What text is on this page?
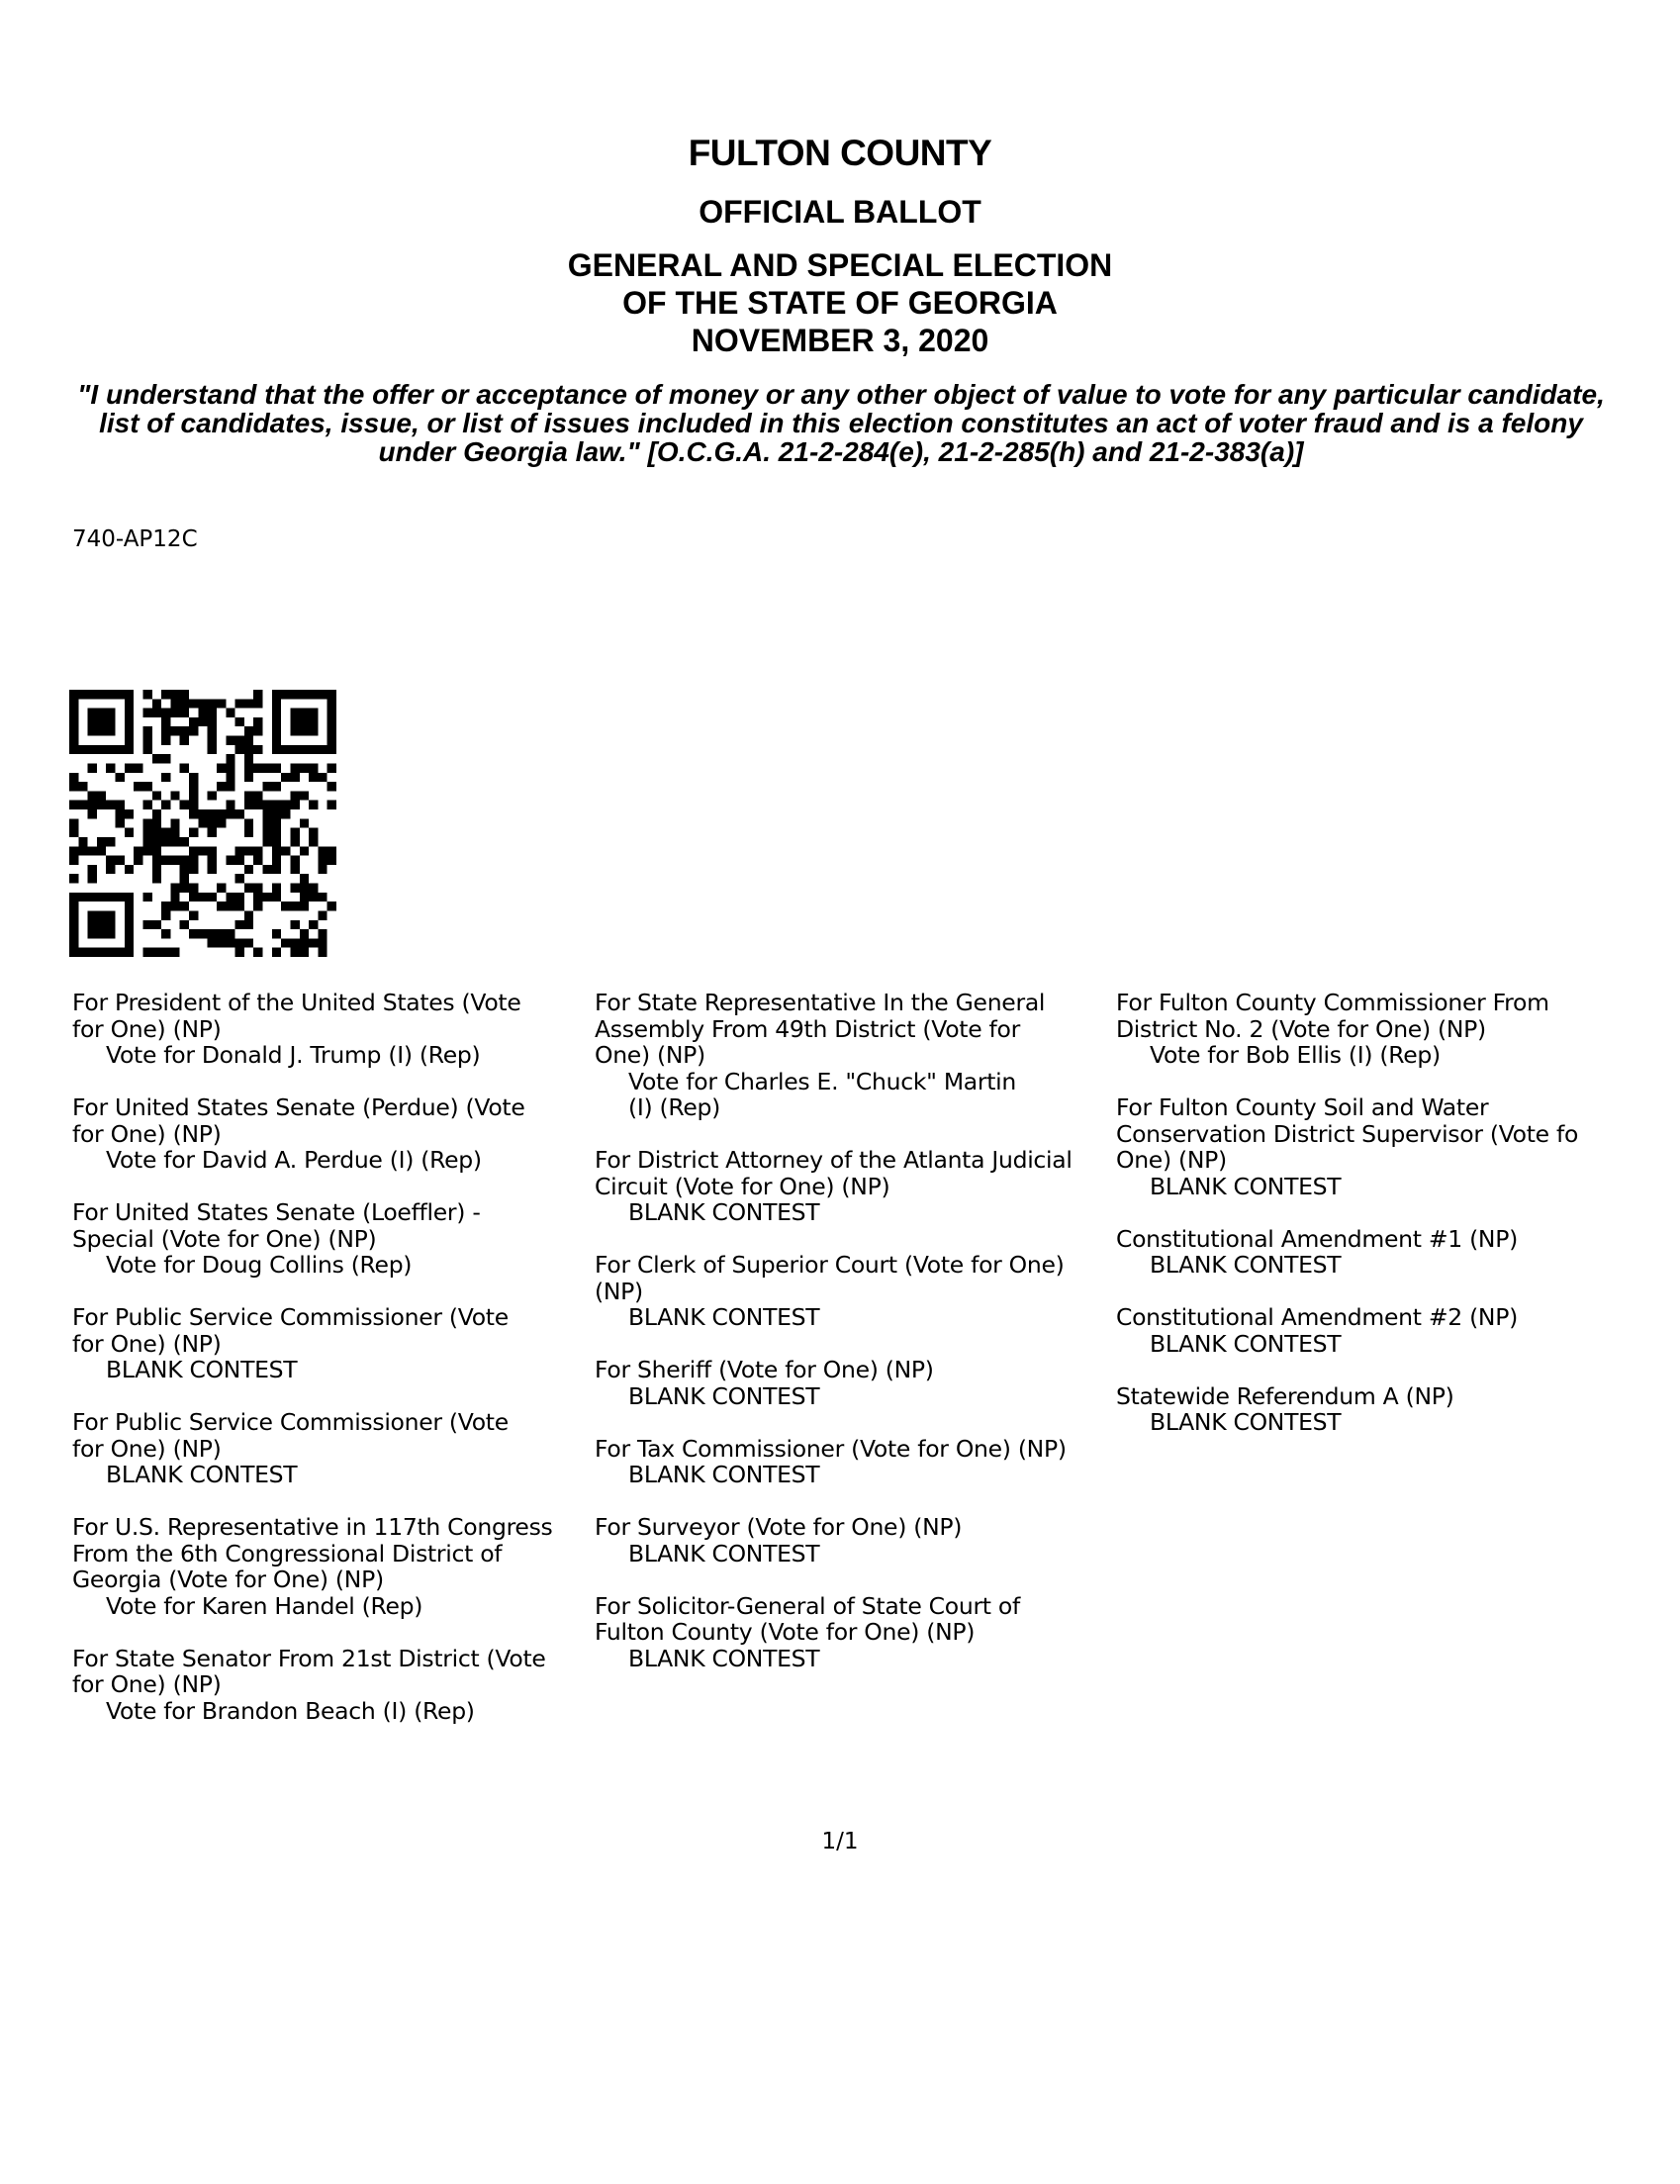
FULTON COUNTY
OFFICIAL BALLOT
GENERAL AND SPECIAL ELECTION
OF THE STATE OF GEORGIA
NOVEMBER 3, 2020
"I understand that the offer or acceptance of money or any other object of value to vote for any particular candidate, list of candidates, issue, or list of issues included in this election constitutes an act of voter fraud and is a felony under Georgia law." [O.C.G.A. 21-2-284(e), 21-2-285(h) and 21-2-383(a)]
740-AP12C
For President of the United States (Vote
for One) (NP)
Vote for Donald J. Trump (I) (Rep)
For United States Senate (Perdue) (Vote
for One) (NP)
Vote for David A. Perdue (I) (Rep)
For United States Senate (Loeffler) -
Special (Vote for One) (NP)
Vote for Doug Collins (Rep)
For Public Service Commissioner (Vote
for One) (NP)
BLANK CONTEST
For Public Service Commissioner (Vote
for One) (NP)
BLANK CONTEST
For U.S. Representative in 117th Congress
From the 6th Congressional District of
Georgia (Vote for One) (NP)
Vote for Karen Handel (Rep)
For State Senator From 21st District (Vote
for One) (NP)
Vote for Brandon Beach (I) (Rep)
For State Representative In the General
Assembly From 49th District (Vote for
One) (NP)
Vote for Charles E. "Chuck" Martin
(I) (Rep)
For District Attorney of the Atlanta Judicial
Circuit (Vote for One) (NP)
BLANK CONTEST
For Clerk of Superior Court (Vote for One)
(NP)
BLANK CONTEST
For Sheriff (Vote for One) (NP)
BLANK CONTEST
For Tax Commissioner (Vote for One) (NP)
BLANK CONTEST
For Surveyor (Vote for One) (NP)
BLANK CONTEST
For Solicitor-General of State Court of
Fulton County (Vote for One) (NP)
BLANK CONTEST
For Fulton County Commissioner From
District No. 2 (Vote for One) (NP)
Vote for Bob Ellis (I) (Rep)
For Fulton County Soil and Water
Conservation District Supervisor (Vote fo
One) (NP)
BLANK CONTEST
Constitutional Amendment #1 (NP)
BLANK CONTEST
Constitutional Amendment #2 (NP)
BLANK CONTEST
Statewide Referendum A (NP)
BLANK CONTEST
1/1
